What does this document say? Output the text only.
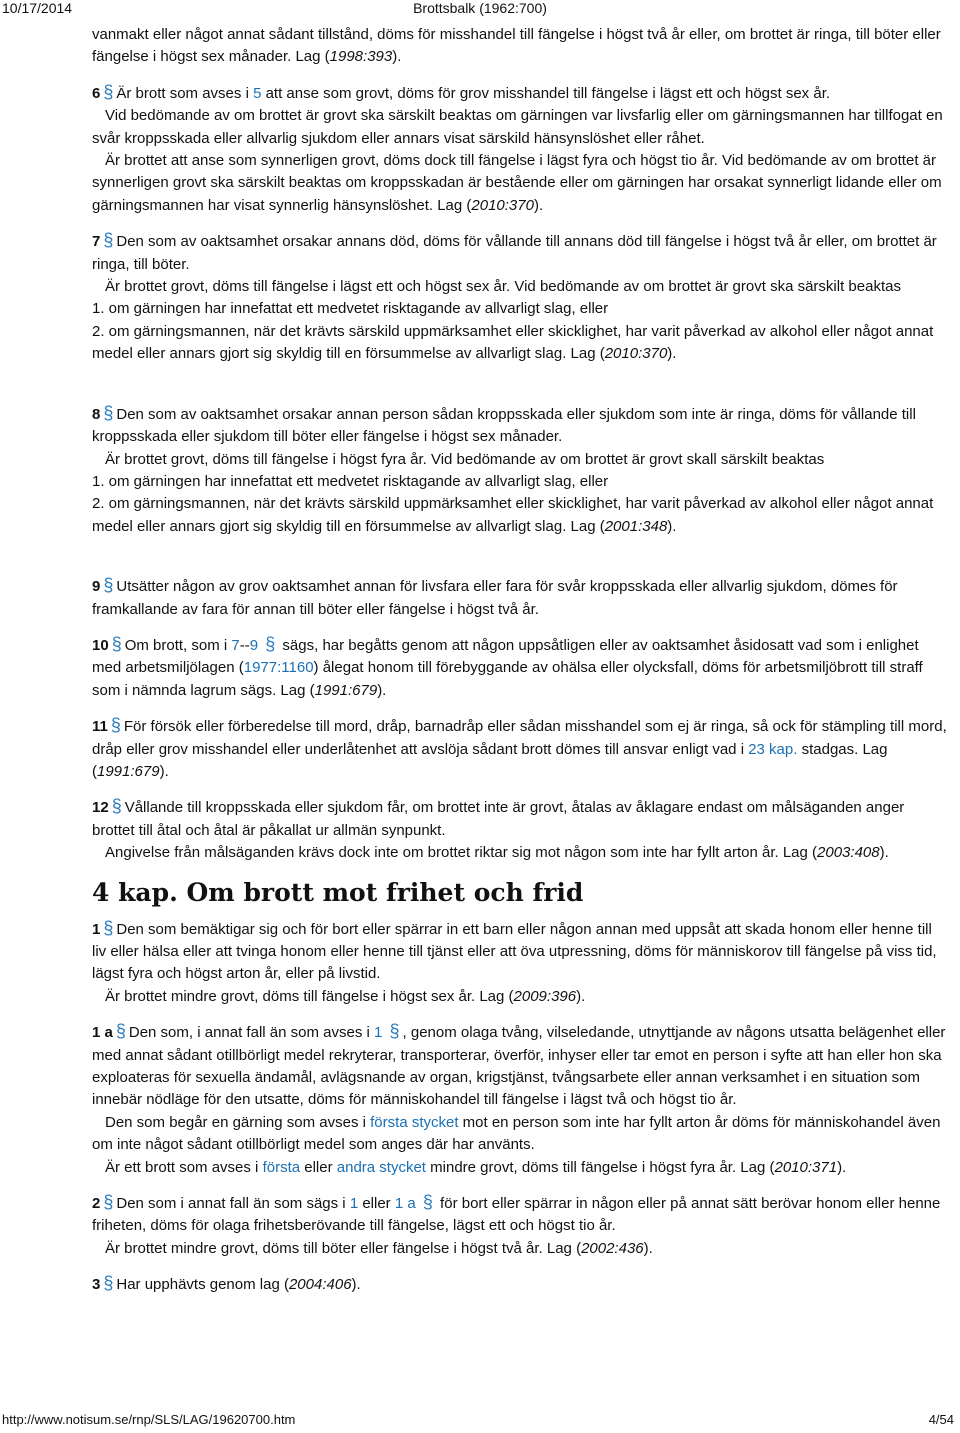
10/17/2014	Brottsbalk (1962:700)

vanmakt eller något annat sådant tillstånd, döms för misshandel till fängelse i högst två år eller, om brottet är ringa, till böter eller fängelse i högst sex månader. Lag (1998:393).

6 § Är brott som avses i 5 att anse som grovt, döms för grov misshandel till fängelse i lägst ett och högst sex år.

Vid bedömande av om brottet är grovt ska särskilt beaktas om gärningen var livsfarlig eller om gärningsmannen har tillfogat en svår kroppsskada eller allvarlig sjukdom eller annars visat särskild hänsynslöshet eller råhet.

Är brottet att anse som synnerligen grovt, döms dock till fängelse i lägst fyra och högst tio år. Vid bedömande av om brottet är synnerligen grovt ska särskilt beaktas om kroppsskadan är bestående eller om gärningen har orsakat synnerligt lidande eller om gärningsmannen har visat synnerlig hänsynslöshet. Lag (2010:370).

7 § Den som av oaktsamhet orsakar annans död, döms för vållande till annans död till fängelse i högst två år eller, om brottet är ringa, till böter.

Är brottet grovt, döms till fängelse i lägst ett och högst sex år. Vid bedömande av om brottet är grovt ska särskilt beaktas

1. om gärningen har innefattat ett medvetet risktagande av allvarligt slag, eller

2. om gärningsmannen, när det krävts särskild uppmärksamhet eller skicklighet, har varit påverkad av alkohol eller något annat medel eller annars gjort sig skyldig till en försummelse av allvarligt slag. Lag (2010:370).

8 § Den som av oaktsamhet orsakar annan person sådan kroppsskada eller sjukdom som inte är ringa, döms för vållande till kroppsskada eller sjukdom till böter eller fängelse i högst sex månader.

Är brottet grovt, döms till fängelse i högst fyra år. Vid bedömande av om brottet är grovt skall särskilt beaktas

1. om gärningen har innefattat ett medvetet risktagande av allvarligt slag, eller

2. om gärningsmannen, när det krävts särskild uppmärksamhet eller skicklighet, har varit påverkad av alkohol eller något annat medel eller annars gjort sig skyldig till en försummelse av allvarligt slag. Lag (2001:348).

9 § Utsätter någon av grov oaktsamhet annan för livsfara eller fara för svår kroppsskada eller allvarlig sjukdom, dömes för framkallande av fara för annan till böter eller fängelse i högst två år.

10 § Om brott, som i 7--9 § sägs, har begåtts genom att någon uppsåtligen eller av oaktsamhet åsidosatt vad som i enlighet med arbetsmiljölagen (1977:1160) ålegat honom till förebyggande av ohälsa eller olycksfall, döms för arbetsmiljöbrott till straff som i nämnda lagrum sägs. Lag (1991:679).

11 § För försök eller förberedelse till mord, dråp, barnadråp eller sådan misshandel som ej är ringa, så ock för stämpling till mord, dråp eller grov misshandel eller underlåtenhet att avslöja sådant brott dömes till ansvar enligt vad i 23 kap. stadgas. Lag (1991:679).

12 § Vållande till kroppsskada eller sjukdom får, om brottet inte är grovt, åtalas av åklagare endast om målsäganden anger brottet till åtal och åtal är påkallat ur allmän synpunkt.

Angivelse från målsäganden krävs dock inte om brottet riktar sig mot någon som inte har fyllt arton år. Lag (2003:408).

4 kap. Om brott mot frihet och frid

1 § Den som bemäktigar sig och för bort eller spärrar in ett barn eller någon annan med uppsåt att skada honom eller henne till liv eller hälsa eller att tvinga honom eller henne till tjänst eller att öva utpressning, döms för människorov till fängelse på viss tid, lägst fyra och högst arton år, eller på livstid.

Är brottet mindre grovt, döms till fängelse i högst sex år. Lag (2009:396).

1 a § Den som, i annat fall än som avses i 1 § , genom olaga tvång, vilseledande, utnyttjande av någons utsatta belägenhet eller med annat sådant otillbörligt medel rekryterar, transporterar, överför, inhyser eller tar emot en person i syfte att han eller hon ska exploateras för sexuella ändamål, avlägsnande av organ, krigstjänst, tvångsarbete eller annan verksamhet i en situation som innebär nödläge för den utsatte, döms för människohandel till fängelse i lägst två och högst tio år.

Den som begår en gärning som avses i första stycket mot en person som inte har fyllt arton år döms för människohandel även om inte något sådant otillbörligt medel som anges där har använts.

Är ett brott som avses i första eller andra stycket mindre grovt, döms till fängelse i högst fyra år. Lag (2010:371).

2 § Den som i annat fall än som sägs i 1 eller 1 a § för bort eller spärrar in någon eller på annat sätt berövar honom eller henne friheten, döms för olaga frihetsberövande till fängelse, lägst ett och högst tio år.

Är brottet mindre grovt, döms till böter eller fängelse i högst två år. Lag (2002:436).

3 § Har upphävts genom lag (2004:406).

http://www.notisum.se/rnp/SLS/LAG/19620700.htm	4/54
